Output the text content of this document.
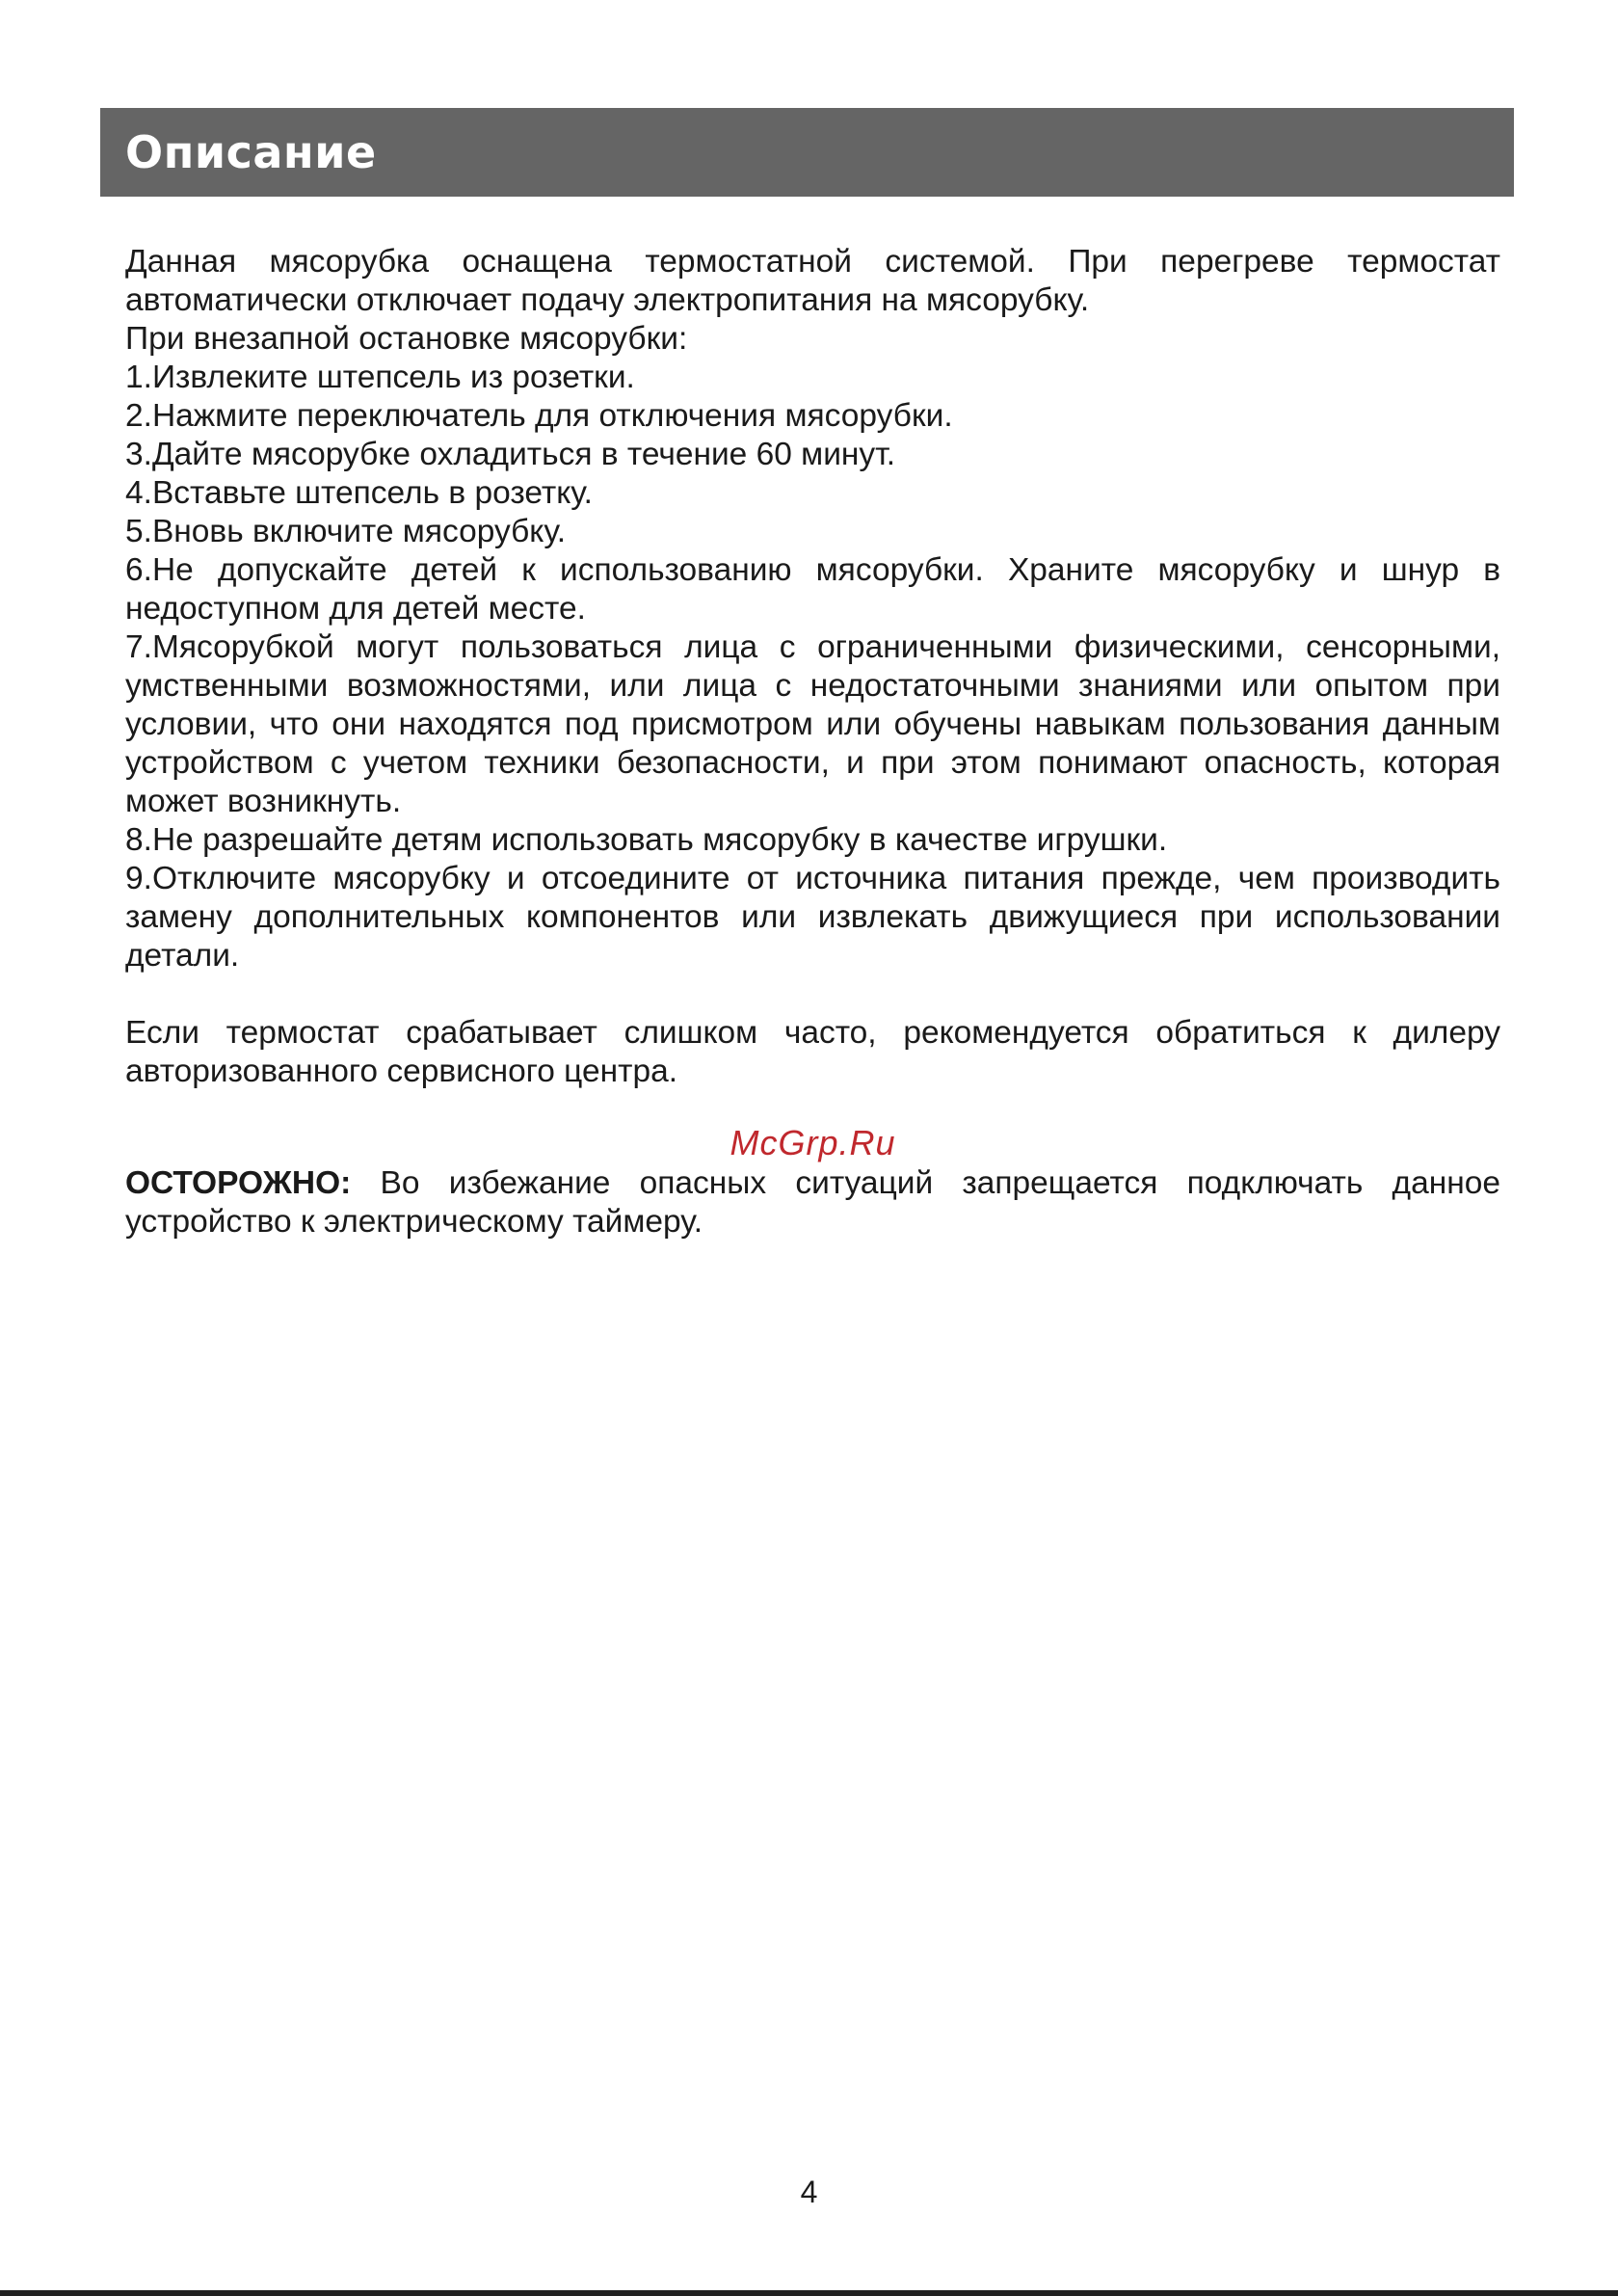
Описание

Данная мясорубка оснащена термостатной системой. При перегреве термостат автоматически отключает подачу электропитания на мясорубку.

При внезапной остановке мясорубки:

1.Извлеките штепсель из розетки.

2.Нажмите переключатель для отключения мясорубки.

3.Дайте мясорубке охладиться в течение 60 минут.

4.Вставьте штепсель в розетку.

5.Вновь включите мясорубку.

6.Не допускайте детей к использованию мясорубки. Храните мясорубку и шнур в недоступном для детей месте.

7.Мясорубкой могут пользоваться лица с ограниченными физическими, сенсорными, умственными возможностями, или лица с недостаточными знаниями или опытом при условии, что они находятся под присмотром или обучены навыкам пользования данным устройством с учетом техники безопасности, и при этом понимают опасность, которая может возникнуть.

8.Не разрешайте детям использовать мясорубку в качестве игрушки.

9.Отключите мясорубку и отсоедините от источника питания прежде, чем производить замену дополнительных компонентов или извлекать движущиеся при использовании детали.

Если термостат срабатывает слишком часто, рекомендуется обратиться к дилеру авторизованного сервисного центра.

McGrp.Ru

ОСТОРОЖНО: Во избежание опасных ситуаций запрещается подключать данное устройство к электрическому таймеру.

4
